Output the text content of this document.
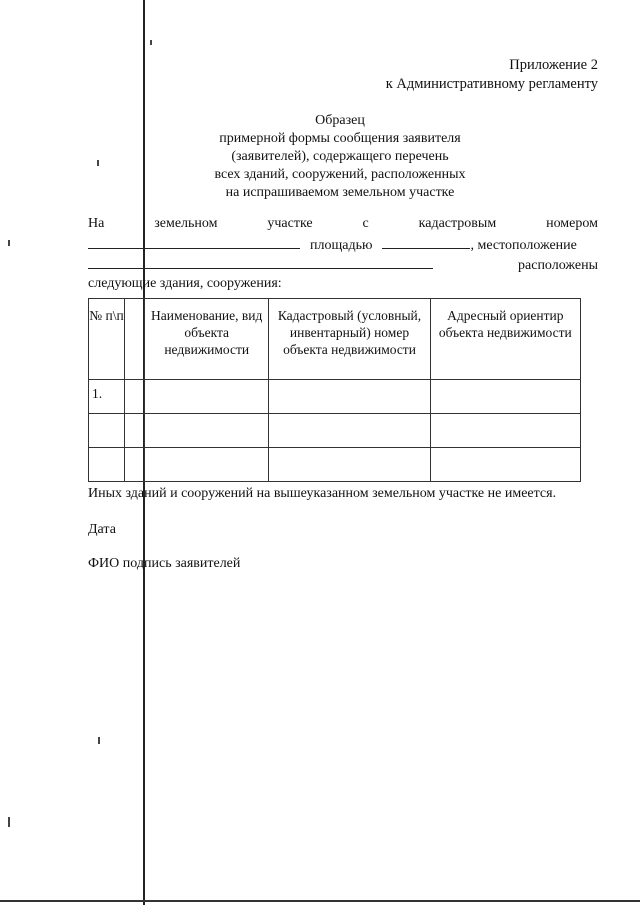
Приложение 2
к Административному регламенту
Образец
примерной формы сообщения заявителя
(заявителей), содержащего перечень
всех зданий, сооружений, расположенных
на испрашиваемом земельном участке
На	земельном	участке	с	кадастровым	номером
площадью	, местоположение
расположены
следующие здания, сооружения:
№ п\п		Наименование, вид объекта недвижимости	Кадастровый (условный, инвентарный) номер объекта недвижимости	Адресный ориентир объекта недвижимости
1.				

Иных зданий и сооружений на вышеуказанном земельном участке не имеется.
Дата
ФИО подпись заявителей
